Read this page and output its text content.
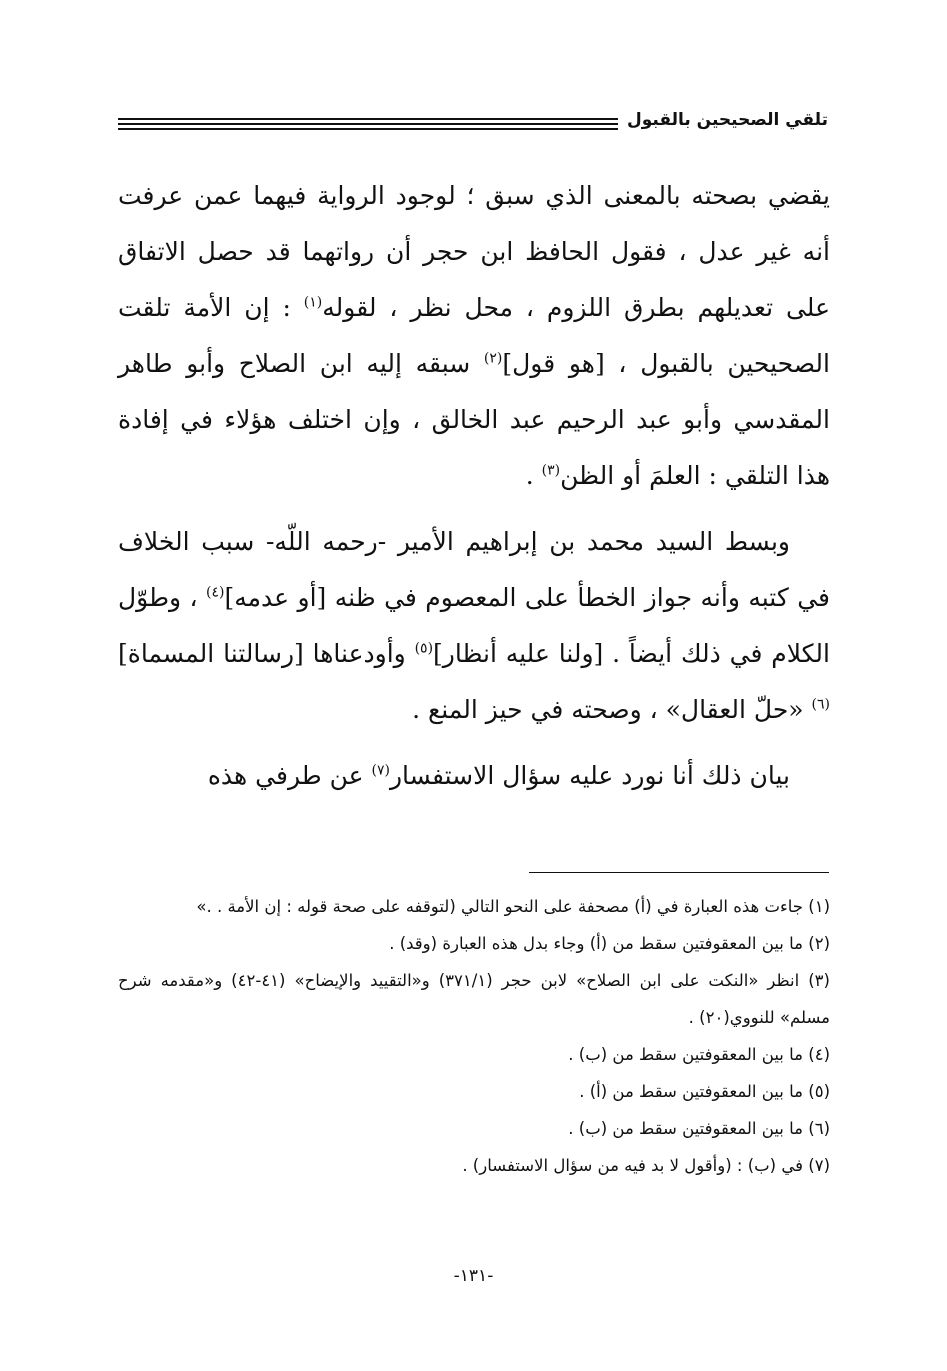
تلقي الصحيحين بالقبول

يقضي بصحته بالمعنى الذي سبق ؛ لوجود الرواية فيهما عمن عرفت أنه غير عدل ، فقول الحافظ ابن حجر أن رواتهما قد حصل الاتفاق على تعديلهم بطرق اللزوم ، محل نظر ، لقوله$^{(١)}$ : إن الأمة تلقت الصحيحين بالقبول ، [هو قول]$^{(٢)}$ سبقه إليه ابن الصلاح وأبو طاهر المقدسي وأبو عبد الرحيم عبد الخالق ، وإن اختلف هؤلاء في إفادة هذا التلقي : العلمَ أو الظن$^{(٣)}$ .

وبسط السيد محمد بن إبراهيم الأمير -رحمه اللّه- سبب الخلاف في كتبه وأنه جواز الخطأ على المعصوم في ظنه [أو عدمه]$^{(٤)}$ ، وطوّل الكلام في ذلك أيضاً . [ولنا عليه أنظار]$^{(٥)}$ وأودعناها [رسالتنا المسماة]$^{(٦)}$ «حلّ العقال» ، وصحته في حيز المنع .

بيان ذلك أنا نورد عليه سؤال الاستفسار$^{(٧)}$ عن طرفي هذه

(١) جاءت هذه العبارة في (أ) مصحفة على النحو التالي (لتوقفه على صحة قوله : إن الأمة . .»

(٢) ما بين المعقوفتين سقط من (أ) وجاء بدل هذه العبارة (وقد) .

(٣) انظر «النكت على ابن الصلاح» لابن حجر (٣٧١/١) و«التقييد والإيضاح» (٤١-٤٢) و«مقدمه شرح مسلم» للنووي(٢٠) .

(٤) ما بين المعقوفتين سقط من (ب) .

(٥) ما بين المعقوفتين سقط من (أ) .

(٦) ما بين المعقوفتين سقط من (ب) .

(٧) في (ب) : (وأقول لا بد فيه من سؤال الاستفسار) .

-١٣١-
